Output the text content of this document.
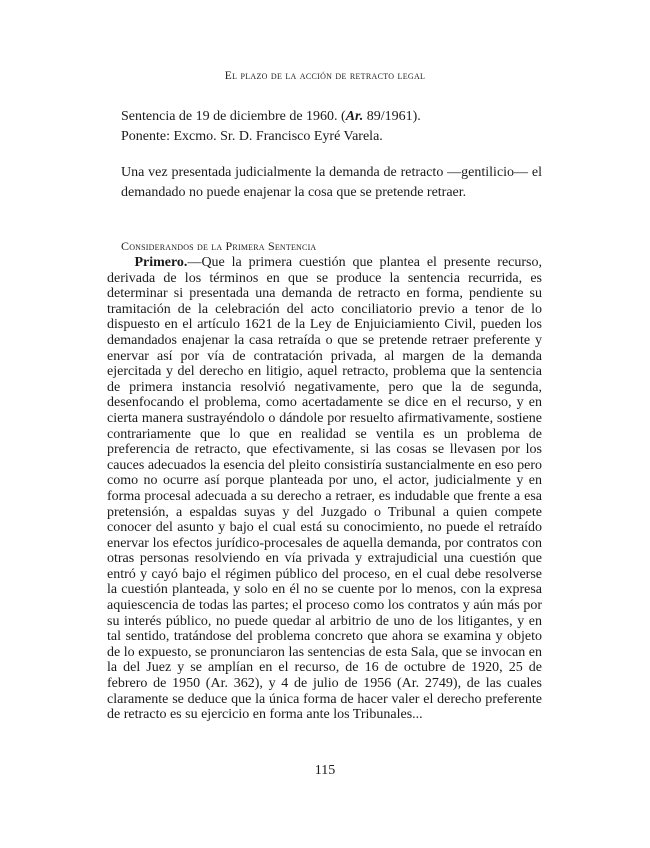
El plazo de la acción de retracto legal
Sentencia de 19 de diciembre de 1960. (Ar. 89/1961).
Ponente: Excmo. Sr. D. Francisco Eyré Varela.
Una vez presentada judicialmente la demanda de retracto —gentilicio— el demandado no puede enajenar la cosa que se pretende retraer.
Considerandos de la Primera Sentencia
Primero.—Que la primera cuestión que plantea el presente recurso, derivada de los términos en que se produce la sentencia recurrida, es determinar si presentada una demanda de retracto en forma, pendiente su tramitación de la celebración del acto conciliatorio previo a tenor de lo dispuesto en el artículo 1621 de la Ley de Enjuiciamiento Civil, pueden los demandados enajenar la casa retraída o que se pretende retraer preferente y enervar así por vía de contratación privada, al margen de la demanda ejercitada y del derecho en litigio, aquel retracto, problema que la sentencia de primera instancia resolvió negativamente, pero que la de segunda, desenfocando el problema, como acertadamente se dice en el recurso, y en cierta manera sustrayéndolo o dándole por resuelto afirmativamente, sostiene contrariamente que lo que en realidad se ventila es un problema de preferencia de retracto, que efectivamente, si las cosas se llevasen por los cauces adecuados la esencia del pleito consistiría sustancialmente en eso pero como no ocurre así porque planteada por uno, el actor, judicialmente y en forma procesal adecuada a su derecho a retraer, es indudable que frente a esa pretensión, a espaldas suyas y del Juzgado o Tribunal a quien compete conocer del asunto y bajo el cual está su conocimiento, no puede el retraído enervar los efectos jurídico-procesales de aquella demanda, por contratos con otras personas resolviendo en vía privada y extrajudicial una cuestión que entró y cayó bajo el régimen público del proceso, en el cual debe resolverse la cuestión planteada, y solo en él no se cuente por lo menos, con la expresa aquiescencia de todas las partes; el proceso como los contratos y aún más por su interés público, no puede quedar al arbitrio de uno de los litigantes, y en tal sentido, tratándose del problema concreto que ahora se examina y objeto de lo expuesto, se pronunciaron las sentencias de esta Sala, que se invocan en la del Juez y se amplían en el recurso, de 16 de octubre de 1920, 25 de febrero de 1950 (Ar. 362), y 4 de julio de 1956 (Ar. 2749), de las cuales claramente se deduce que la única forma de hacer valer el derecho preferente de retracto es su ejercicio en forma ante los Tribunales...
115
